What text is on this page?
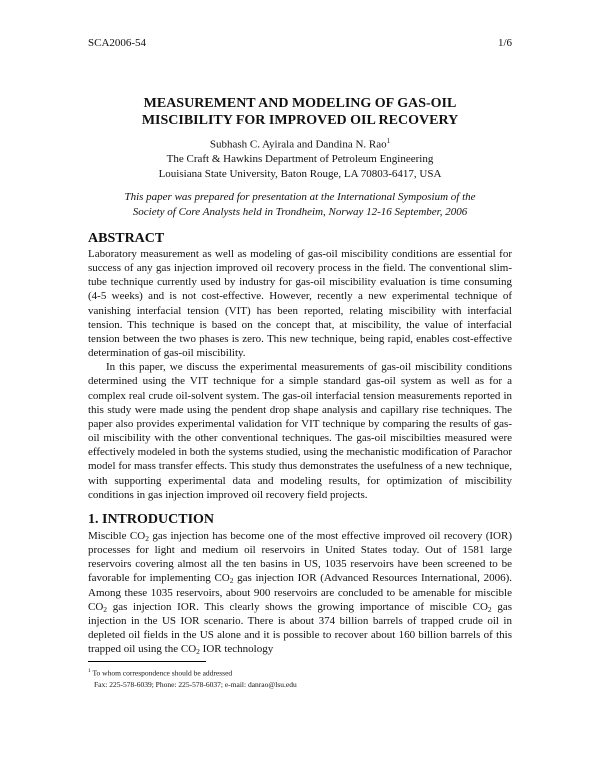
SCA2006-54	1/6
MEASUREMENT AND MODELING OF GAS-OIL
MISCIBILITY FOR IMPROVED OIL RECOVERY
Subhash C. Ayirala and Dandina N. Rao$^1$
The Craft & Hawkins Department of Petroleum Engineering
Louisiana State University, Baton Rouge, LA 70803-6417, USA
This paper was prepared for presentation at the International Symposium of the
Society of Core Analysts held in Trondheim, Norway 12-16 September, 2006
ABSTRACT

Laboratory measurement as well as modeling of gas-oil miscibility conditions are essential for success of any gas injection improved oil recovery process in the field. The conventional slim-tube technique currently used by industry for gas-oil miscibility evaluation is time consuming (4-5 weeks) and is not cost-effective. However, recently a new experimental technique of vanishing interfacial tension (VIT) has been reported, relating miscibility with interfacial tension. This technique is based on the concept that, at miscibility, the value of interfacial tension between the two phases is zero. This new technique, being rapid, enables cost-effective determination of gas-oil miscibility.

In this paper, we discuss the experimental measurements of gas-oil miscibility conditions determined using the VIT technique for a simple standard gas-oil system as well as for a complex real crude oil-solvent system. The gas-oil interfacial tension measurements reported in this study were made using the pendent drop shape analysis and capillary rise techniques. The paper also provides experimental validation for VIT technique by comparing the results of gas-oil miscibility with the other conventional techniques. The gas-oil miscibilties measured were effectively modeled in both the systems studied, using the mechanistic modification of Parachor model for mass transfer effects. This study thus demonstrates the usefulness of a new technique, with supporting experimental data and modeling results, for optimization of miscibility conditions in gas injection improved oil recovery field projects.

1. INTRODUCTION

Miscible $CO_2$ gas injection has become one of the most effective improved oil recovery (IOR) processes for light and medium oil reservoirs in United States today. Out of 1581 large reservoirs covering almost all the ten basins in US, 1035 reservoirs have been screened to be favorable for implementing $CO_2$ gas injection IOR (Advanced Resources International, 2006). Among these 1035 reservoirs, about 900 reservoirs are concluded to be amenable for miscible $CO_2$ gas injection IOR. This clearly shows the growing importance of miscible $CO_2$ gas injection in the US IOR scenario. There is about 374 billion barrels of trapped crude oil in depleted oil fields in the US alone and it is possible to recover about 160 billion barrels of this trapped oil using the $CO_2$ IOR technology

$^1$ To whom correspondence should be addressed
Fax: 225-578-6039; Phone: 225-578-6037; e-mail: danrao@lsu.edu
